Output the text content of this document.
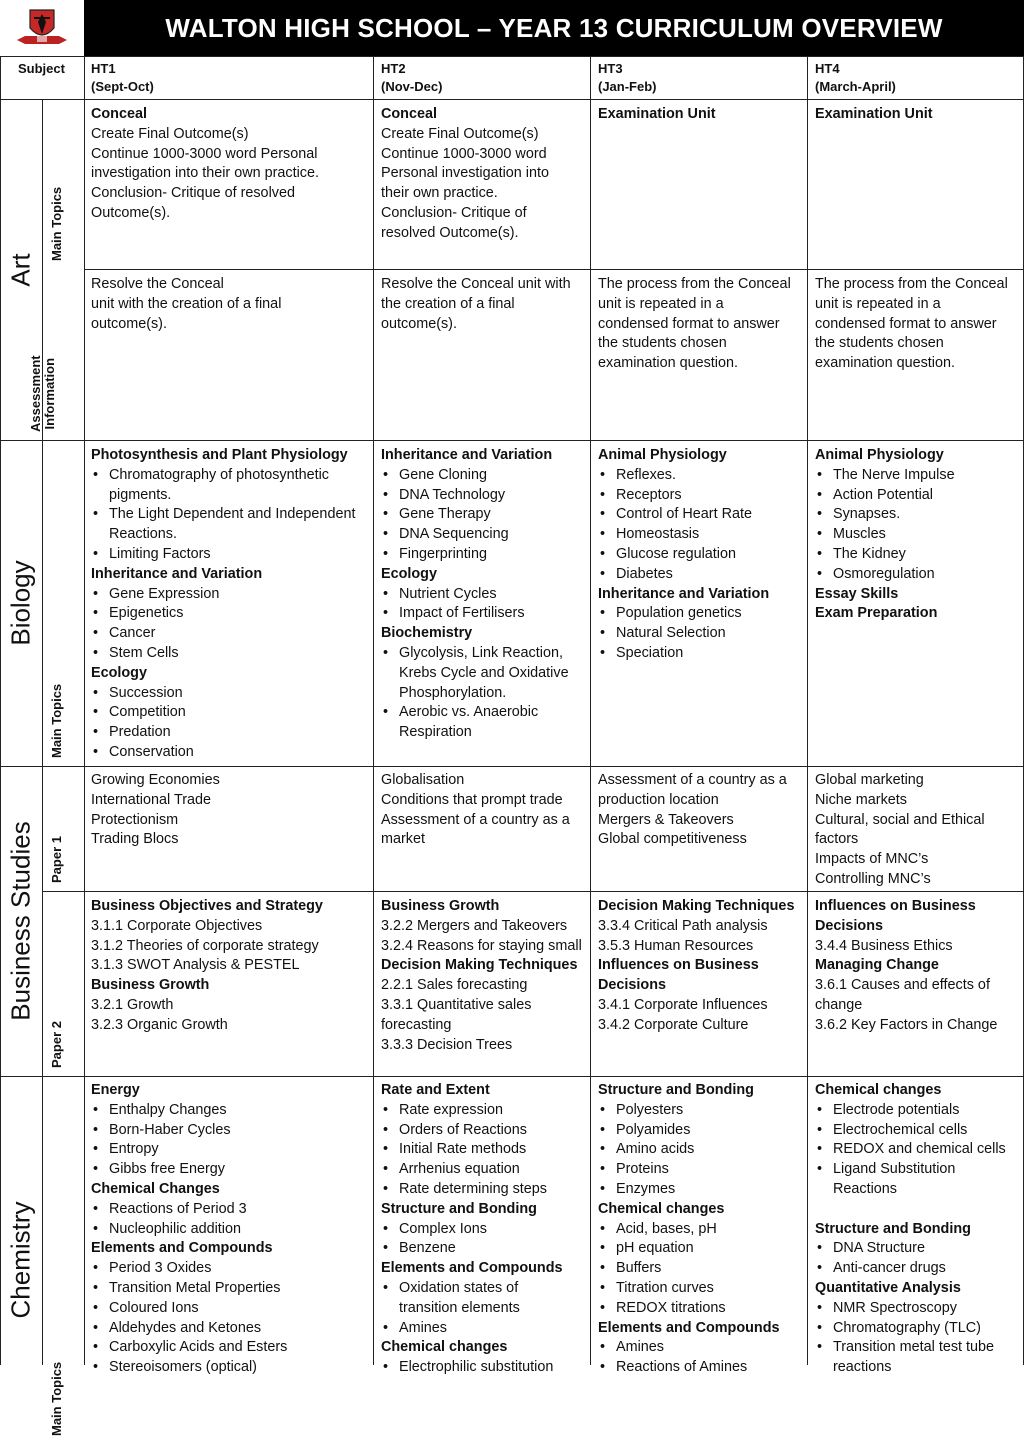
WALTON HIGH SCHOOL – YEAR 13 CURRICULUM OVERVIEW
Subject HT1
(Sept-Oct)
HT2
(Nov-Dec)
HT3
(Jan-Feb)
HT4
(March-April)
Art
Main Topics
Assessment Information
Conceal
Create Final Outcome(s)
Continue 1000-3000 word Personal
investigation into their own practice.
Conclusion- Critique of resolved
Outcome(s).
Conceal
Create Final Outcome(s)
Continue 1000-3000 word
Personal investigation into
their own practice.
Conclusion- Critique of
resolved Outcome(s).
Examination Unit	Examination Unit
Resolve the Conceal
unit with the creation of a final
outcome(s).
Resolve the Conceal unit with
the creation of a final
outcome(s).
The process from the Conceal
unit is repeated in a
condensed format to answer
the students chosen
examination question.
The process from the Conceal
unit is repeated in a
condensed format to answer
the students chosen
examination question.
Biology
Main Topics
Photosynthesis and Plant Physiology
• Chromatography of photosynthetic
pigments.
• The Light Dependent and Independent
Reactions.
• Limiting Factors
Inheritance and Variation
• Gene Expression
• Epigenetics
• Cancer
• Stem Cells
Ecology
• Succession
• Competition
• Predation
• Conservation
Inheritance and Variation
• Gene Cloning
• DNA Technology
• Gene Therapy
• DNA Sequencing
• Fingerprinting
Ecology
• Nutrient Cycles
• Impact of Fertilisers
Biochemistry
• Glycolysis, Link Reaction,
Krebs Cycle and Oxidative
Phosphorylation.
• Aerobic vs. Anaerobic
Respiration
Animal Physiology
• Reflexes.
• Receptors
• Control of Heart Rate
• Homeostasis
• Glucose regulation
• Diabetes
Inheritance and Variation
• Population genetics
• Natural Selection
• Speciation
Animal Physiology
• The Nerve Impulse
• Action Potential
• Synapses.
• Muscles
• The Kidney
• Osmoregulation
Essay Skills
Exam Preparation
Business Studies Paper 1
Paper 2
Growing Economies
International Trade
Protectionism
Trading Blocs
Globalisation
Conditions that prompt trade
Assessment of a country as a
market
Assessment of a country as a
production location
Mergers & Takeovers
Global competitiveness
Global marketing
Niche markets
Cultural, social and Ethical
factors
Impacts of MNC’s
Controlling MNC’s
Business Objectives and Strategy
3.1.1 Corporate Objectives
3.1.2 Theories of corporate strategy
3.1.3 SWOT Analysis & PESTEL
Business Growth
3.2.1 Growth
3.2.3 Organic Growth
Business Growth
3.2.2 Mergers and Takeovers
3.2.4 Reasons for staying small
Decision Making Techniques
2.2.1 Sales forecasting
3.3.1 Quantitative sales
forecasting
3.3.3 Decision Trees
Decision Making Techniques
3.3.4 Critical Path analysis
3.5.3 Human Resources
Influences on Business
Decisions
3.4.1 Corporate Influences
3.4.2 Corporate Culture
Influences on Business
Decisions
3.4.4 Business Ethics
Managing Change
3.6.1 Causes and effects of
change
3.6.2 Key Factors in Change
Chemistry
Main Topics
Energy
• Enthalpy Changes
• Born-Haber Cycles
• Entropy
• Gibbs free Energy
Chemical Changes
• Reactions of Period 3
• Nucleophilic addition
Elements and Compounds
• Period 3 Oxides
• Transition Metal Properties
• Coloured Ions
• Aldehydes and Ketones
• Carboxylic Acids and Esters
• Stereoisomers (optical)
Rate and Extent
• Rate expression
• Orders of Reactions
• Initial Rate methods
• Arrhenius equation
• Rate determining steps
Structure and Bonding
• Complex Ions
• Benzene
Elements and Compounds
• Oxidation states of
transition elements
• Amines
Chemical changes
• Electrophilic substitution
Structure and Bonding
• Polyesters
• Polyamides
• Amino acids
• Proteins
• Enzymes
Chemical changes
• Acid, bases, pH
• pH equation
• Buffers
• Titration curves
• REDOX titrations
Elements and Compounds
• Amines
• Reactions of Amines
Chemical changes
• Electrode potentials
• Electrochemical cells
• REDOX and chemical cells
• Ligand Substitution
Reactions
Structure and Bonding
• DNA Structure
• Anti-cancer drugs
Quantitative Analysis
• NMR Spectroscopy
• Chromatography (TLC)
• Transition metal test tube
reactions
